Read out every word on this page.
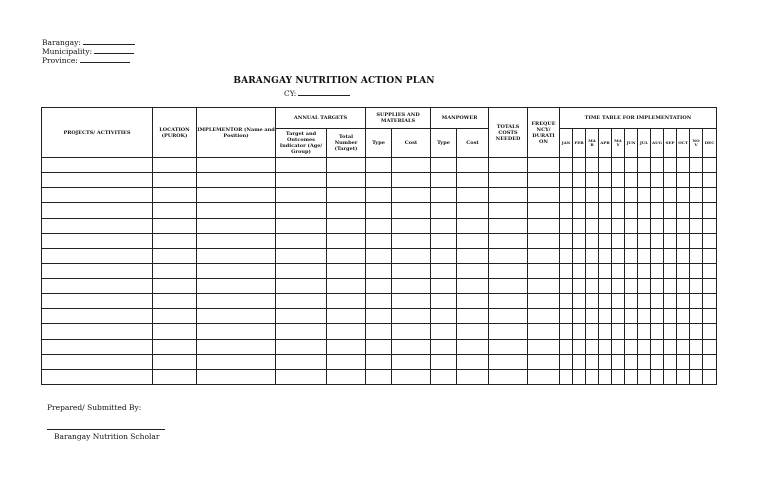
Barangay:
Municipality:
Province:
BARANGAY NUTRITION ACTION PLAN
CY:
PROJECTS/ ACTIVITIES	LOCATION (PUROK)	IMPLEMENTOR (Name and Position)	ANNUAL TARGETS		SUPPLIES AND MATERIALS		MANPOWER		TOTALS COSTS NEEDED	FREQUE NCY/ DURATI ON	TIME TABLE FOR IMPLEMENTATION											
			Target and Outcomes Indicator (Age/ Group)	Total Number (Target)	Type	Cost	Type	Cost			JAN	FEB	MAR	APR	MAY	JUN	JUL	AUG	SEP	OCT	NOV	DEC

Prepared/ Submitted By:
Barangay Nutrition Scholar
